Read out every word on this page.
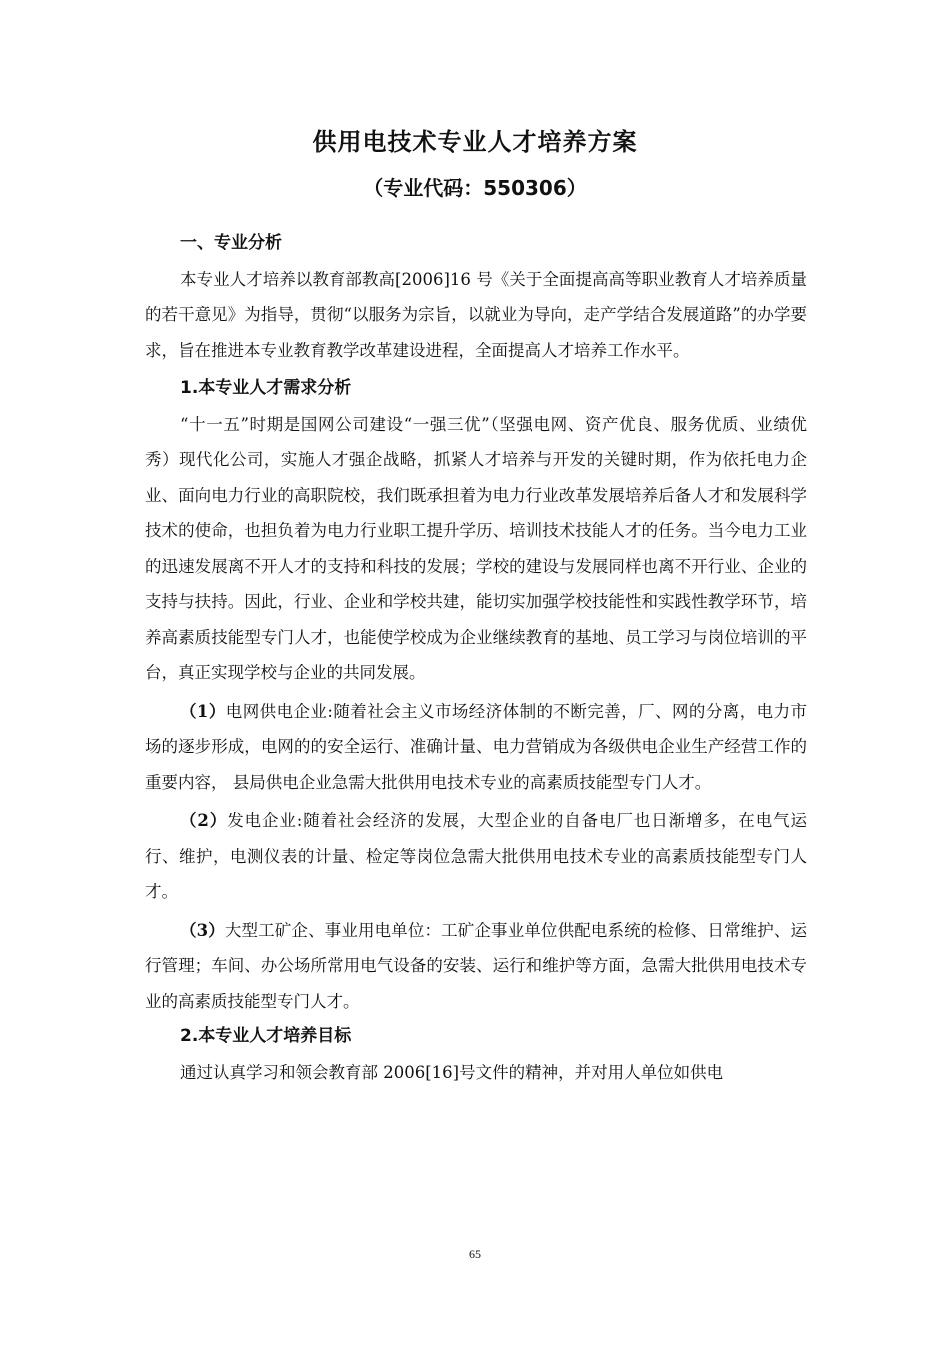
供用电技术专业人才培养方案
（专业代码：550306）

一、专业分析

本专业人才培养以教育部教高[2006]16 号《关于全面提高高等职业教育人才培养质量的若干意见》为指导，贯彻“以服务为宗旨，以就业为导向，走产学结合发展道路”的办学要求，旨在推进本专业教育教学改革建设进程，全面提高人才培养工作水平。

1.本专业人才需求分析

“十一五”时期是国网公司建设“一强三优”（坚强电网、资产优良、服务优质、业绩优秀）现代化公司，实施人才强企战略，抓紧人才培养与开发的关键时期，作为依托电力企业、面向电力行业的高职院校，我们既承担着为电力行业改革发展培养后备人才和发展科学技术的使命，也担负着为电力行业职工提升学历、培训技术技能人才的任务。当今电力工业的迅速发展离不开人才的支持和科技的发展；学校的建设与发展同样也离不开行业、企业的支持与扶持。因此，行业、企业和学校共建，能切实加强学校技能性和实践性教学环节，培养高素质技能型专门人才，也能使学校成为企业继续教育的基地、员工学习与岗位培训的平台，真正实现学校与企业的共同发展。

（1）电网供电企业:随着社会主义市场经济体制的不断完善，厂、网的分离，电力市场的逐步形成，电网的的安全运行、准确计量、电力营销成为各级供电企业生产经营工作的重要内容， 县局供电企业急需大批供用电技术专业的高素质技能型专门人才。

（2）发电企业:随着社会经济的发展，大型企业的自备电厂也日渐增多，在电气运行、维护，电测仪表的计量、检定等岗位急需大批供用电技术专业的高素质技能型专门人才。

（3）大型工矿企、事业用电单位：工矿企事业单位供配电系统的检修、日常维护、运行管理；车间、办公场所常用电气设备的安装、运行和维护等方面，急需大批供用电技术专业的高素质技能型专门人才。

2.本专业人才培养目标

通过认真学习和领会教育部 2006[16]号文件的精神，并对用人单位如供电

65
